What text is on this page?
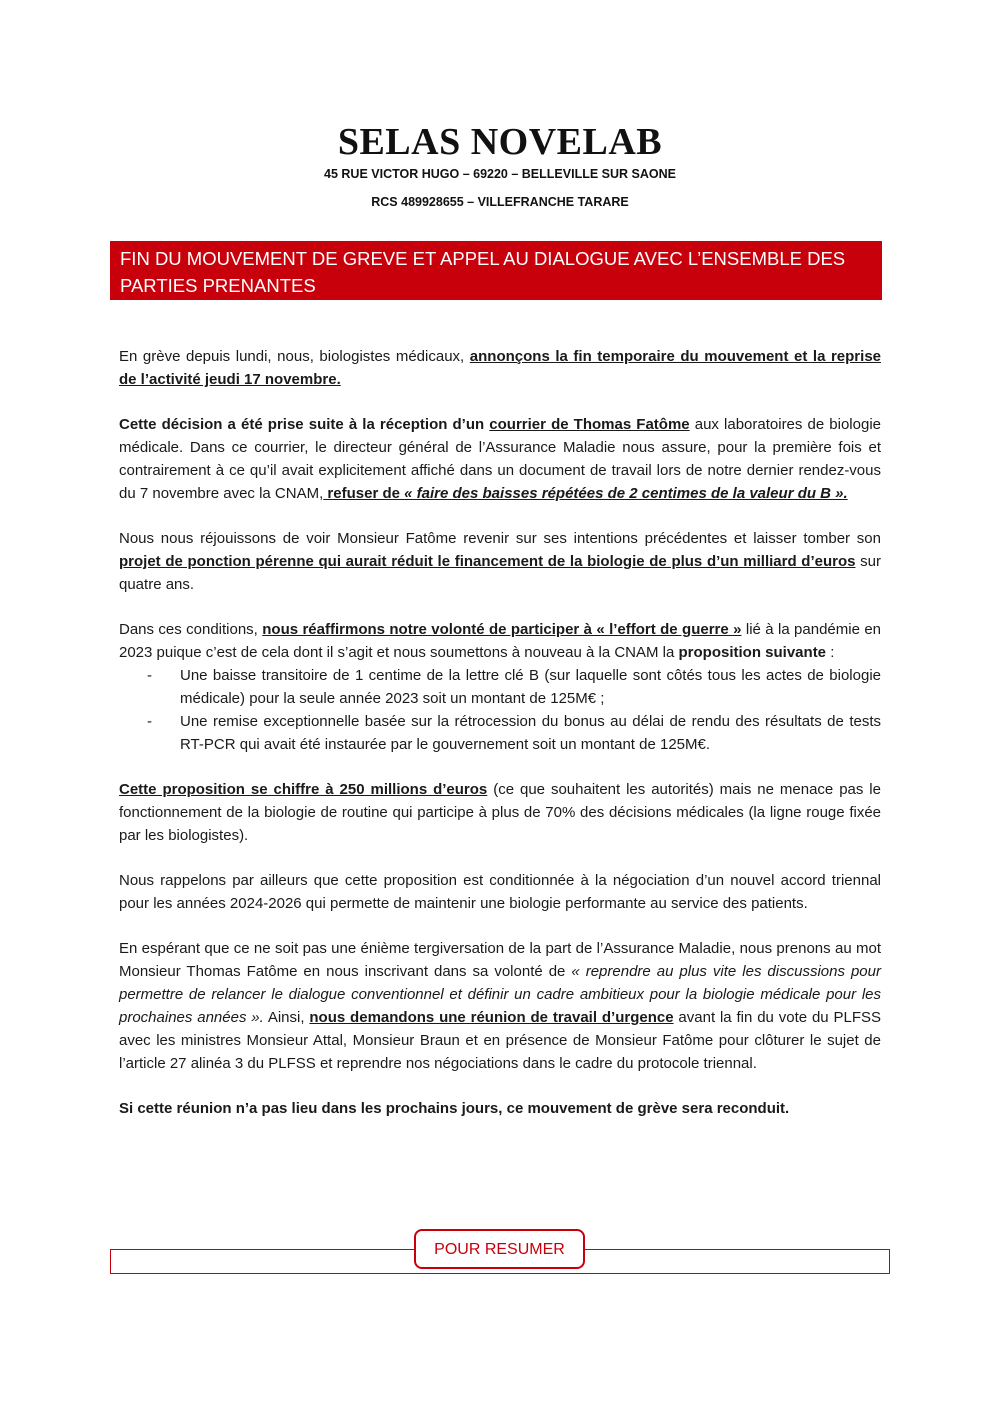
SELAS NOVELAB

45 RUE VICTOR HUGO – 69220 – BELLEVILLE SUR SAONE

RCS 489928655 – VILLEFRANCHE TARARE

FIN DU MOUVEMENT DE GREVE ET APPEL AU DIALOGUE AVEC L’ENSEMBLE DES PARTIES PRENANTES

En grève depuis lundi, nous, biologistes médicaux, annonçons la fin temporaire du mouvement et la reprise de l’activité jeudi 17 novembre.

Cette décision a été prise suite à la réception d’un courrier de Thomas Fatôme aux laboratoires de biologie médicale. Dans ce courrier, le directeur général de l’Assurance Maladie nous assure, pour la première fois et contrairement à ce qu’il avait explicitement affiché dans un document de travail lors de notre dernier rendez-vous du 7 novembre avec la CNAM, refuser de « faire des baisses répétées de 2 centimes de la valeur du B ».

Nous nous réjouissons de voir Monsieur Fatôme revenir sur ses intentions précédentes et laisser tomber son projet de ponction pérenne qui aurait réduit le financement de la biologie de plus d’un milliard d’euros sur quatre ans.

Dans ces conditions, nous réaffirmons notre volonté de participer à « l’effort de guerre » lié à la pandémie en 2023 puique c’est de cela dont il s’agit et nous soumettons à nouveau à la CNAM la proposition suivante :

- Une baisse transitoire de 1 centime de la lettre clé B (sur laquelle sont côtés tous les actes de biologie médicale) pour la seule année 2023 soit un montant de 125M€ ;
- Une remise exceptionnelle basée sur la rétrocession du bonus au délai de rendu des résultats de tests RT-PCR qui avait été instaurée par le gouvernement soit un montant de 125M€.

Cette proposition se chiffre à 250 millions d’euros (ce que souhaitent les autorités) mais ne menace pas le fonctionnement de la biologie de routine qui participe à plus de 70% des décisions médicales (la ligne rouge fixée par les biologistes).

Nous rappelons par ailleurs que cette proposition est conditionnée à la négociation d’un nouvel accord triennal pour les années 2024-2026 qui permette de maintenir une biologie performante au service des patients.

En espérant que ce ne soit pas une énième tergiversation de la part de l’Assurance Maladie, nous prenons au mot Monsieur Thomas Fatôme en nous inscrivant dans sa volonté de « reprendre au plus vite les discussions pour permettre de relancer le dialogue conventionnel et définir un cadre ambitieux pour la biologie médicale pour les prochaines années ». Ainsi, nous demandons une réunion de travail d’urgence avant la fin du vote du PLFSS avec les ministres Monsieur Attal, Monsieur Braun et en présence de Monsieur Fatôme pour clôturer le sujet de l’article 27 alinéa 3 du PLFSS et reprendre nos négociations dans le cadre du protocole triennal.

Si cette réunion n’a pas lieu dans les prochains jours, ce mouvement de grève sera reconduit.

POUR RESUMER
